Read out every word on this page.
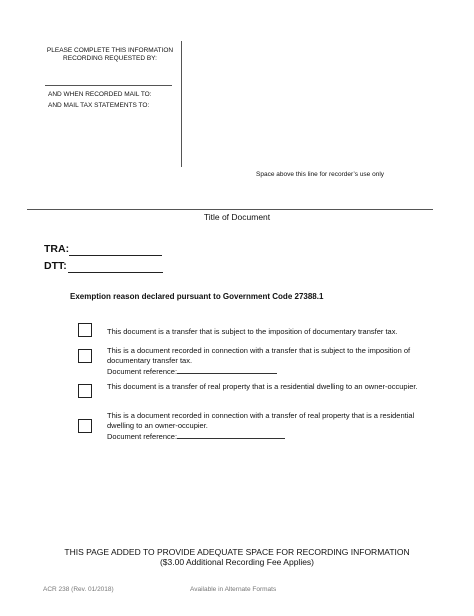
PLEASE COMPLETE THIS INFORMATION
RECORDING REQUESTED BY:
AND WHEN RECORDED MAIL TO:
AND MAIL TAX STATEMENTS TO:
Space above this line for recorder’s use only
Title of Document
TRA:
DTT:
Exemption reason declared pursuant to Government Code 27388.1
This document is a transfer that is subject to the imposition of documentary transfer tax.
This is a document recorded in connection with a transfer that is subject to the imposition of documentary transfer tax.
Document reference:
This document is a transfer of real property that is a residential dwelling to an owner-occupier.
This is a document recorded in connection with a transfer of real property that is a residential dwelling to an owner-occupier.
Document reference:
THIS PAGE ADDED TO PROVIDE ADEQUATE SPACE FOR RECORDING INFORMATION
($3.00 Additional Recording Fee Applies)
ACR 238 (Rev. 01/2018)	Available in Alternate Formats
